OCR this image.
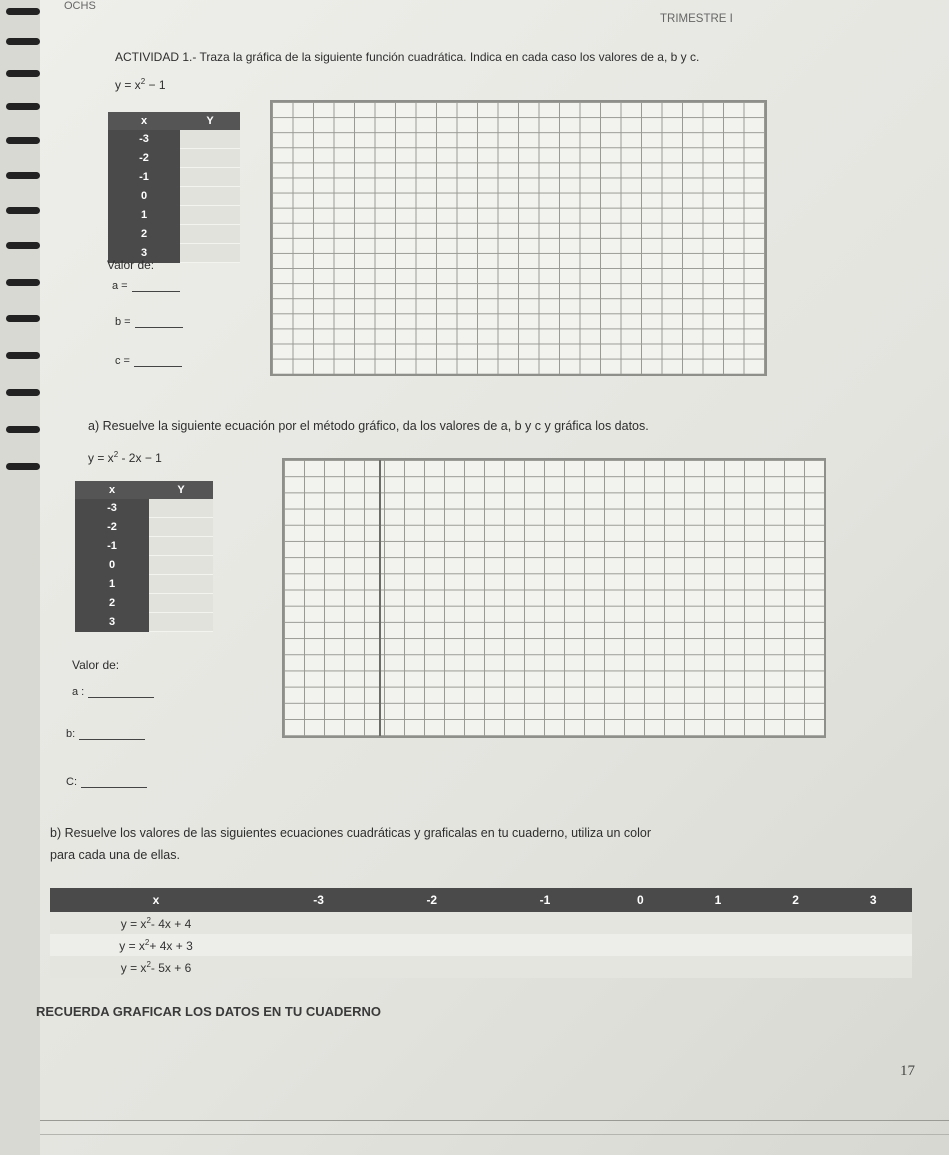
OCHS
TRIMESTRE I
ACTIVIDAD 1.- Traza la gráfica de la siguiente función cuadrática. Indica en cada caso los valores de a, b y c.
$y = x^2 - 1$
x	Y
-3	
-2	
-1	
0	
1	
2	
3	
Valor de:
a =
b =
c =
a) Resuelve la siguiente ecuación por el método gráfico, da los valores de a, b y c y gráfica los datos.
$y = x^2 - 2x - 1$
x	Y
-3	
-2	
-1	
0	
1	
2	
3	
Valor de:
a :
b:
C:
b) Resuelve los valores de las siguientes ecuaciones cuadráticas y graficalas en tu cuaderno, utiliza un color
para cada una de ellas.
x	-3	-2	-1	0	1	2	3
$y = x^2-$ 4x + 4							
$y = x^2+ 4x + 3$							
$y = x^2-$ 5x + 6							
RECUERDA GRAFICAR LOS DATOS EN TU CUADERNO
17
